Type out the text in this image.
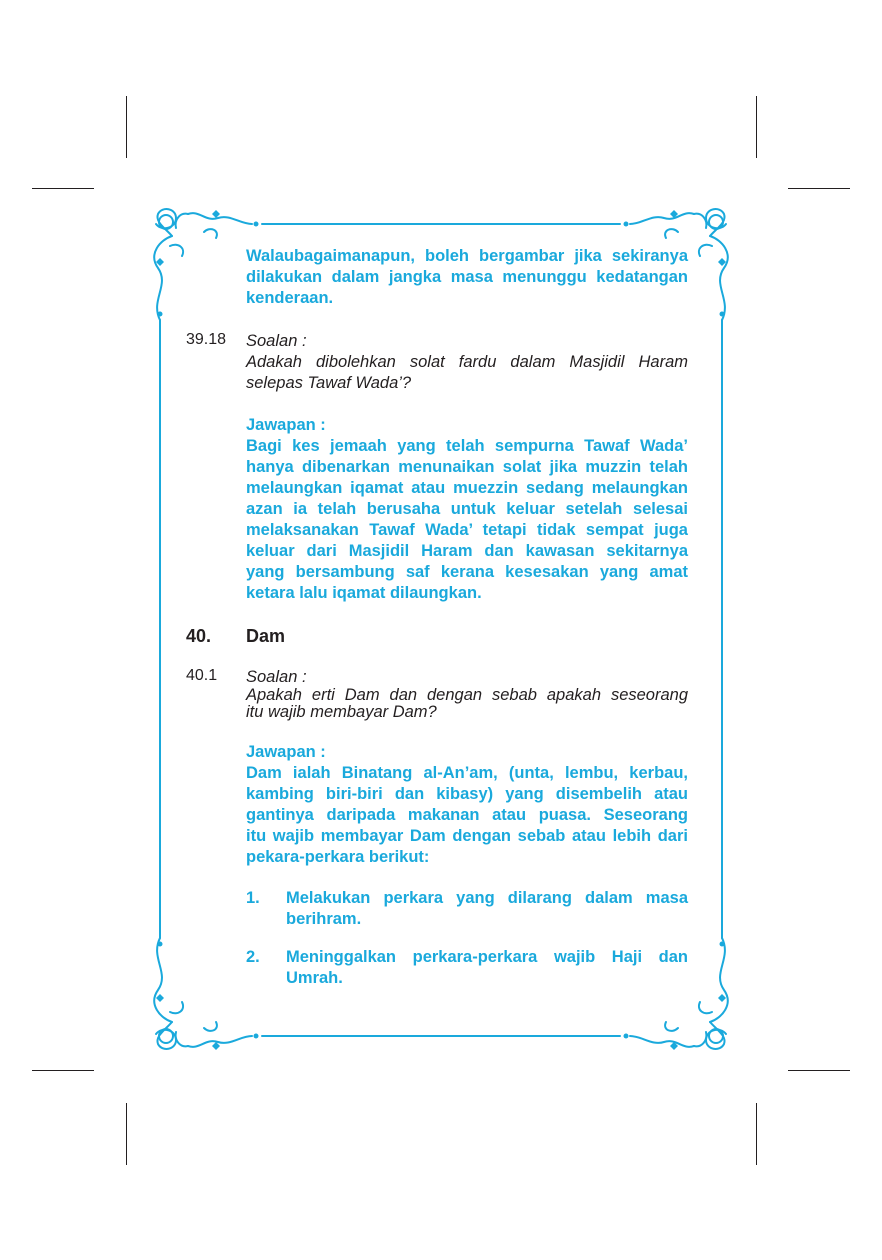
Walaubagaimanapun, boleh bergambar jika sekiranya
dilakukan dalam jangka masa menunggu kedatangan
kenderaan.
39.18 Soalan :
Adakah dibolehkan solat fardu dalam Masjidil Haram
selepas Tawaf Wada’?
Jawapan :
Bagi kes jemaah yang telah sempurna Tawaf Wada’
hanya dibenarkan menunaikan solat jika muzzin telah
melaungkan iqamat atau muezzin sedang melaungkan
azan ia telah berusaha untuk keluar setelah selesai
melaksanakan Tawaf Wada’ tetapi tidak sempat juga
keluar dari Masjidil Haram dan kawasan sekitarnya
yang bersambung saf kerana kesesakan yang amat
ketara lalu iqamat dilaungkan.
40. Dam
40.1 Soalan :
Apakah erti Dam dan dengan sebab apakah seseorang
itu wajib membayar Dam?
Jawapan :
Dam ialah Binatang al-An’am, (unta, lembu, kerbau,
kambing biri-biri dan kibasy) yang disembelih atau
gantinya daripada makanan atau puasa. Seseorang
itu wajib membayar Dam dengan sebab atau lebih dari
pekara-perkara berikut:
1. Melakukan perkara yang dilarang dalam masa
berihram.
2. Meninggalkan perkara-perkara wajib Haji dan
Umrah.
